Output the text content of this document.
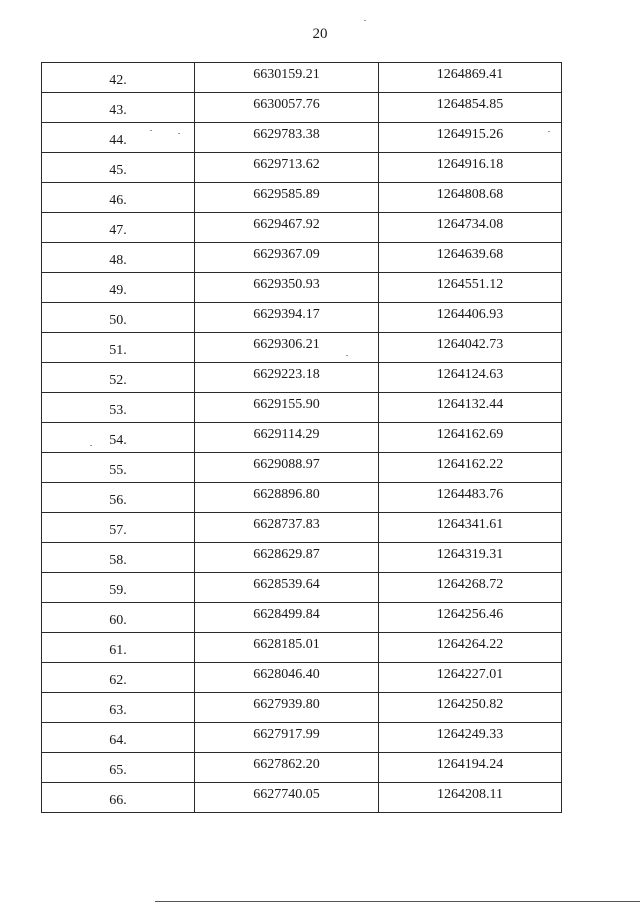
20
42.	6630159.21	1264869.41
43.	6630057.76	1264854.85
44.	6629783.38	1264915.26
45.	6629713.62	1264916.18
46.	6629585.89	1264808.68
47.	6629467.92	1264734.08
48.	6629367.09	1264639.68
49.	6629350.93	1264551.12
50.	6629394.17	1264406.93
51.	6629306.21	1264042.73
52.	6629223.18	1264124.63
53.	6629155.90	1264132.44
54.	6629114.29	1264162.69
55.	6629088.97	1264162.22
56.	6628896.80	1264483.76
57.	6628737.83	1264341.61
58.	6628629.87	1264319.31
59.	6628539.64	1264268.72
60.	6628499.84	1264256.46
61.	6628185.01	1264264.22
62.	6628046.40	1264227.01
63.	6627939.80	1264250.82
64.	6627917.99	1264249.33
65.	6627862.20	1264194.24
66.	6627740.05	1264208.11
